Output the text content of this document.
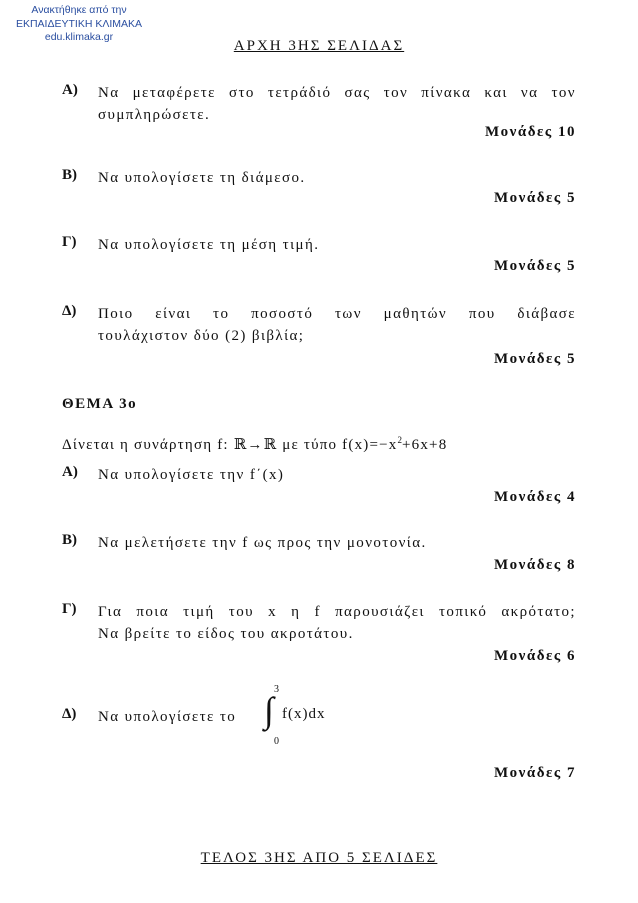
Ανακτήθηκε από την
ΕΚΠΑΙΔΕΥΤΙΚΗ ΚΛΙΜΑΚΑ
edu.klimaka.gr
ΑΡΧΗ 3ΗΣ ΣΕΛΙΔΑΣ
Α) Να μεταφέρετε στο τετράδιό σας τον πίνακα και να τον
συμπληρώσετε.
Μονάδες 10
Β) Να υπολογίσετε τη διάμεσο.
Μονάδες 5
Γ) Να υπολογίσετε τη μέση τιμή.
Μονάδες 5
Δ) Ποιο είναι το ποσοστό των μαθητών που διάβασε
τουλάχιστον δύο (2) βιβλία;
Μονάδες 5
ΘΕΜΑ 3ο
Δίνεται η συνάρτηση f: ℝ→ℝ με τύπο $f(x)=-x^2+6x+8$
Α) Να υπολογίσετε την f΄(x)
Μονάδες 4
Β) Να μελετήσετε την f ως προς την μονοτονία.
Μονάδες 8
Γ) Για ποια τιμή του x η f παρουσιάζει τοπικό ακρότατο;
Να βρείτε το είδος του ακροτάτου.
Μονάδες 6
Δ) Να υπολογίσετε το ∫
3
0
f(x)dx
Μονάδες 7
ΤΕΛΟΣ 3ΗΣ ΑΠΟ 5 ΣΕΛΙΔΕΣ
